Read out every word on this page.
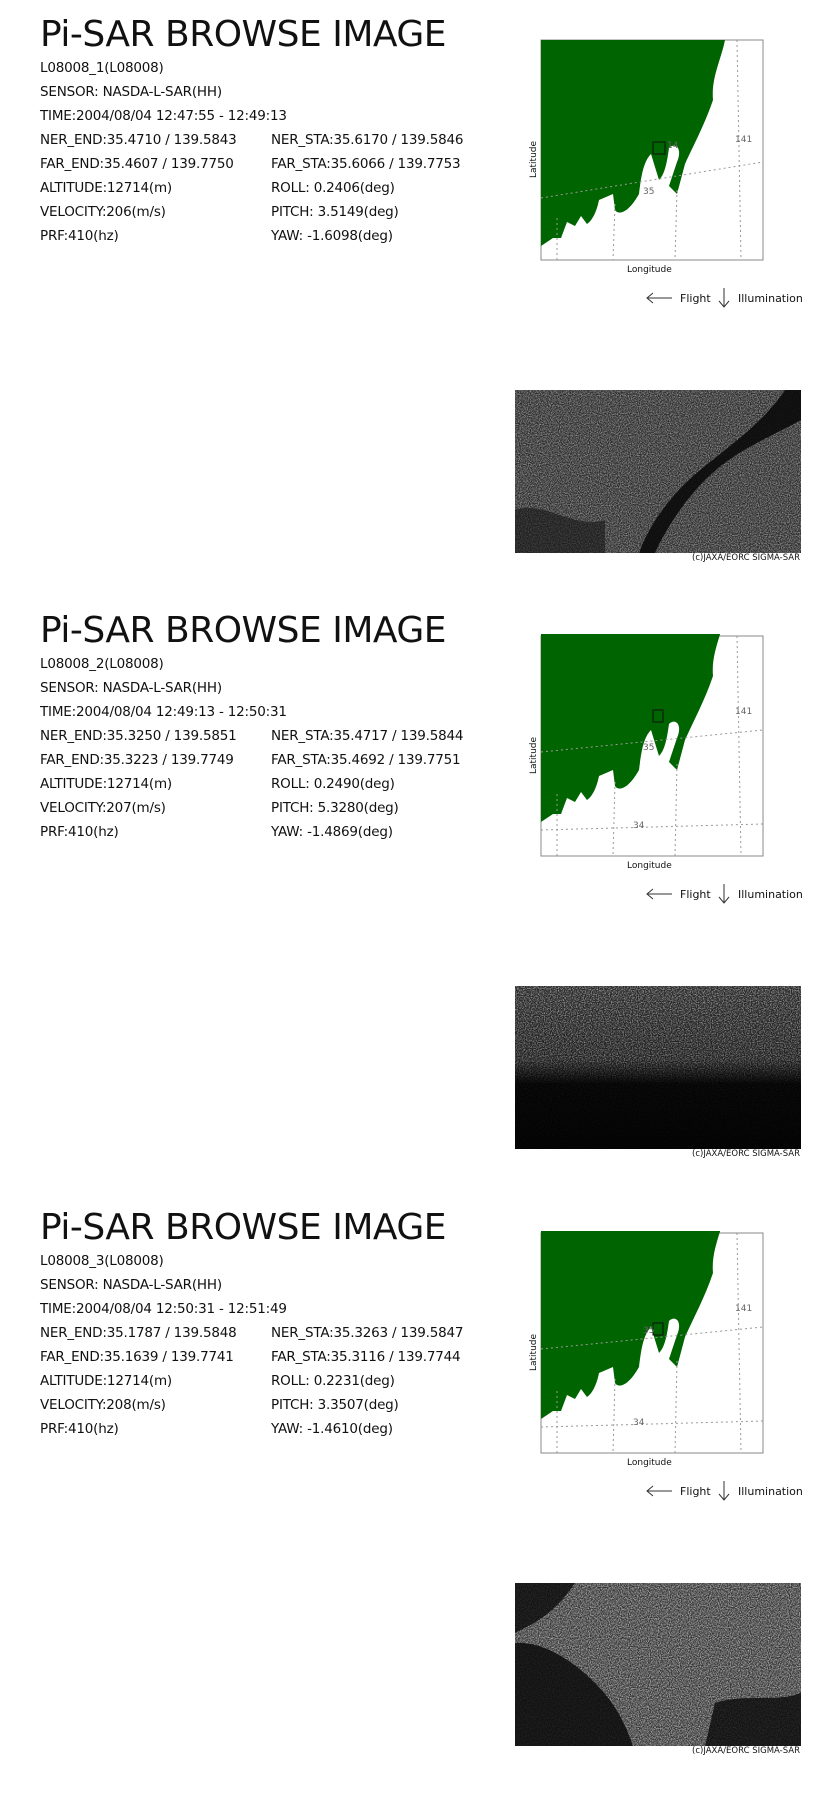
Pi-SAR BROWSE IMAGE
L08008_1(L08008)
SENSOR: NASDA-L-SAR(HH)
TIME:2004/08/04 12:47:55 - 12:49:13
NER_END:35.4710 / 139.5843	NER_STA:35.6170 / 139.5846
FAR_END:35.4607 / 139.7750	FAR_STA:35.6066 / 139.7753
ALTITUDE:12714(m)	ROLL: 0.2406(deg)
VELOCITY:206(m/s)	PITCH: 3.5149(deg)
PRF:410(hz)	YAW: -1.6098(deg)
14
141
35
Longitude
Latitude
Flight Illumination
(c)JAXA/EORC SIGMA-SAR
Pi-SAR BROWSE IMAGE
L08008_2(L08008)
SENSOR: NASDA-L-SAR(HH)
TIME:2004/08/04 12:49:13 - 12:50:31
NER_END:35.3250 / 139.5851	NER_STA:35.4717 / 139.5844
FAR_END:35.3223 / 139.7749	FAR_STA:35.4692 / 139.7751
ALTITUDE:12714(m)	ROLL: 0.2490(deg)
VELOCITY:207(m/s)	PITCH: 5.3280(deg)
PRF:410(hz)	YAW: -1.4869(deg)
141
35
34
Longitude
Latitude
Flight Illumination
(c)JAXA/EORC SIGMA-SAR
Pi-SAR BROWSE IMAGE
L08008_3(L08008)
SENSOR: NASDA-L-SAR(HH)
TIME:2004/08/04 12:50:31 - 12:51:49
NER_END:35.1787 / 139.5848	NER_STA:35.3263 / 139.5847
FAR_END:35.1639 / 139.7741	FAR_STA:35.3116 / 139.7744
ALTITUDE:12714(m)	ROLL: 0.2231(deg)
VELOCITY:208(m/s)	PITCH: 3.3507(deg)
PRF:410(hz)	YAW: -1.4610(deg)
141
35
34
Longitude
Latitude
Flight Illumination
(c)JAXA/EORC SIGMA-SAR
